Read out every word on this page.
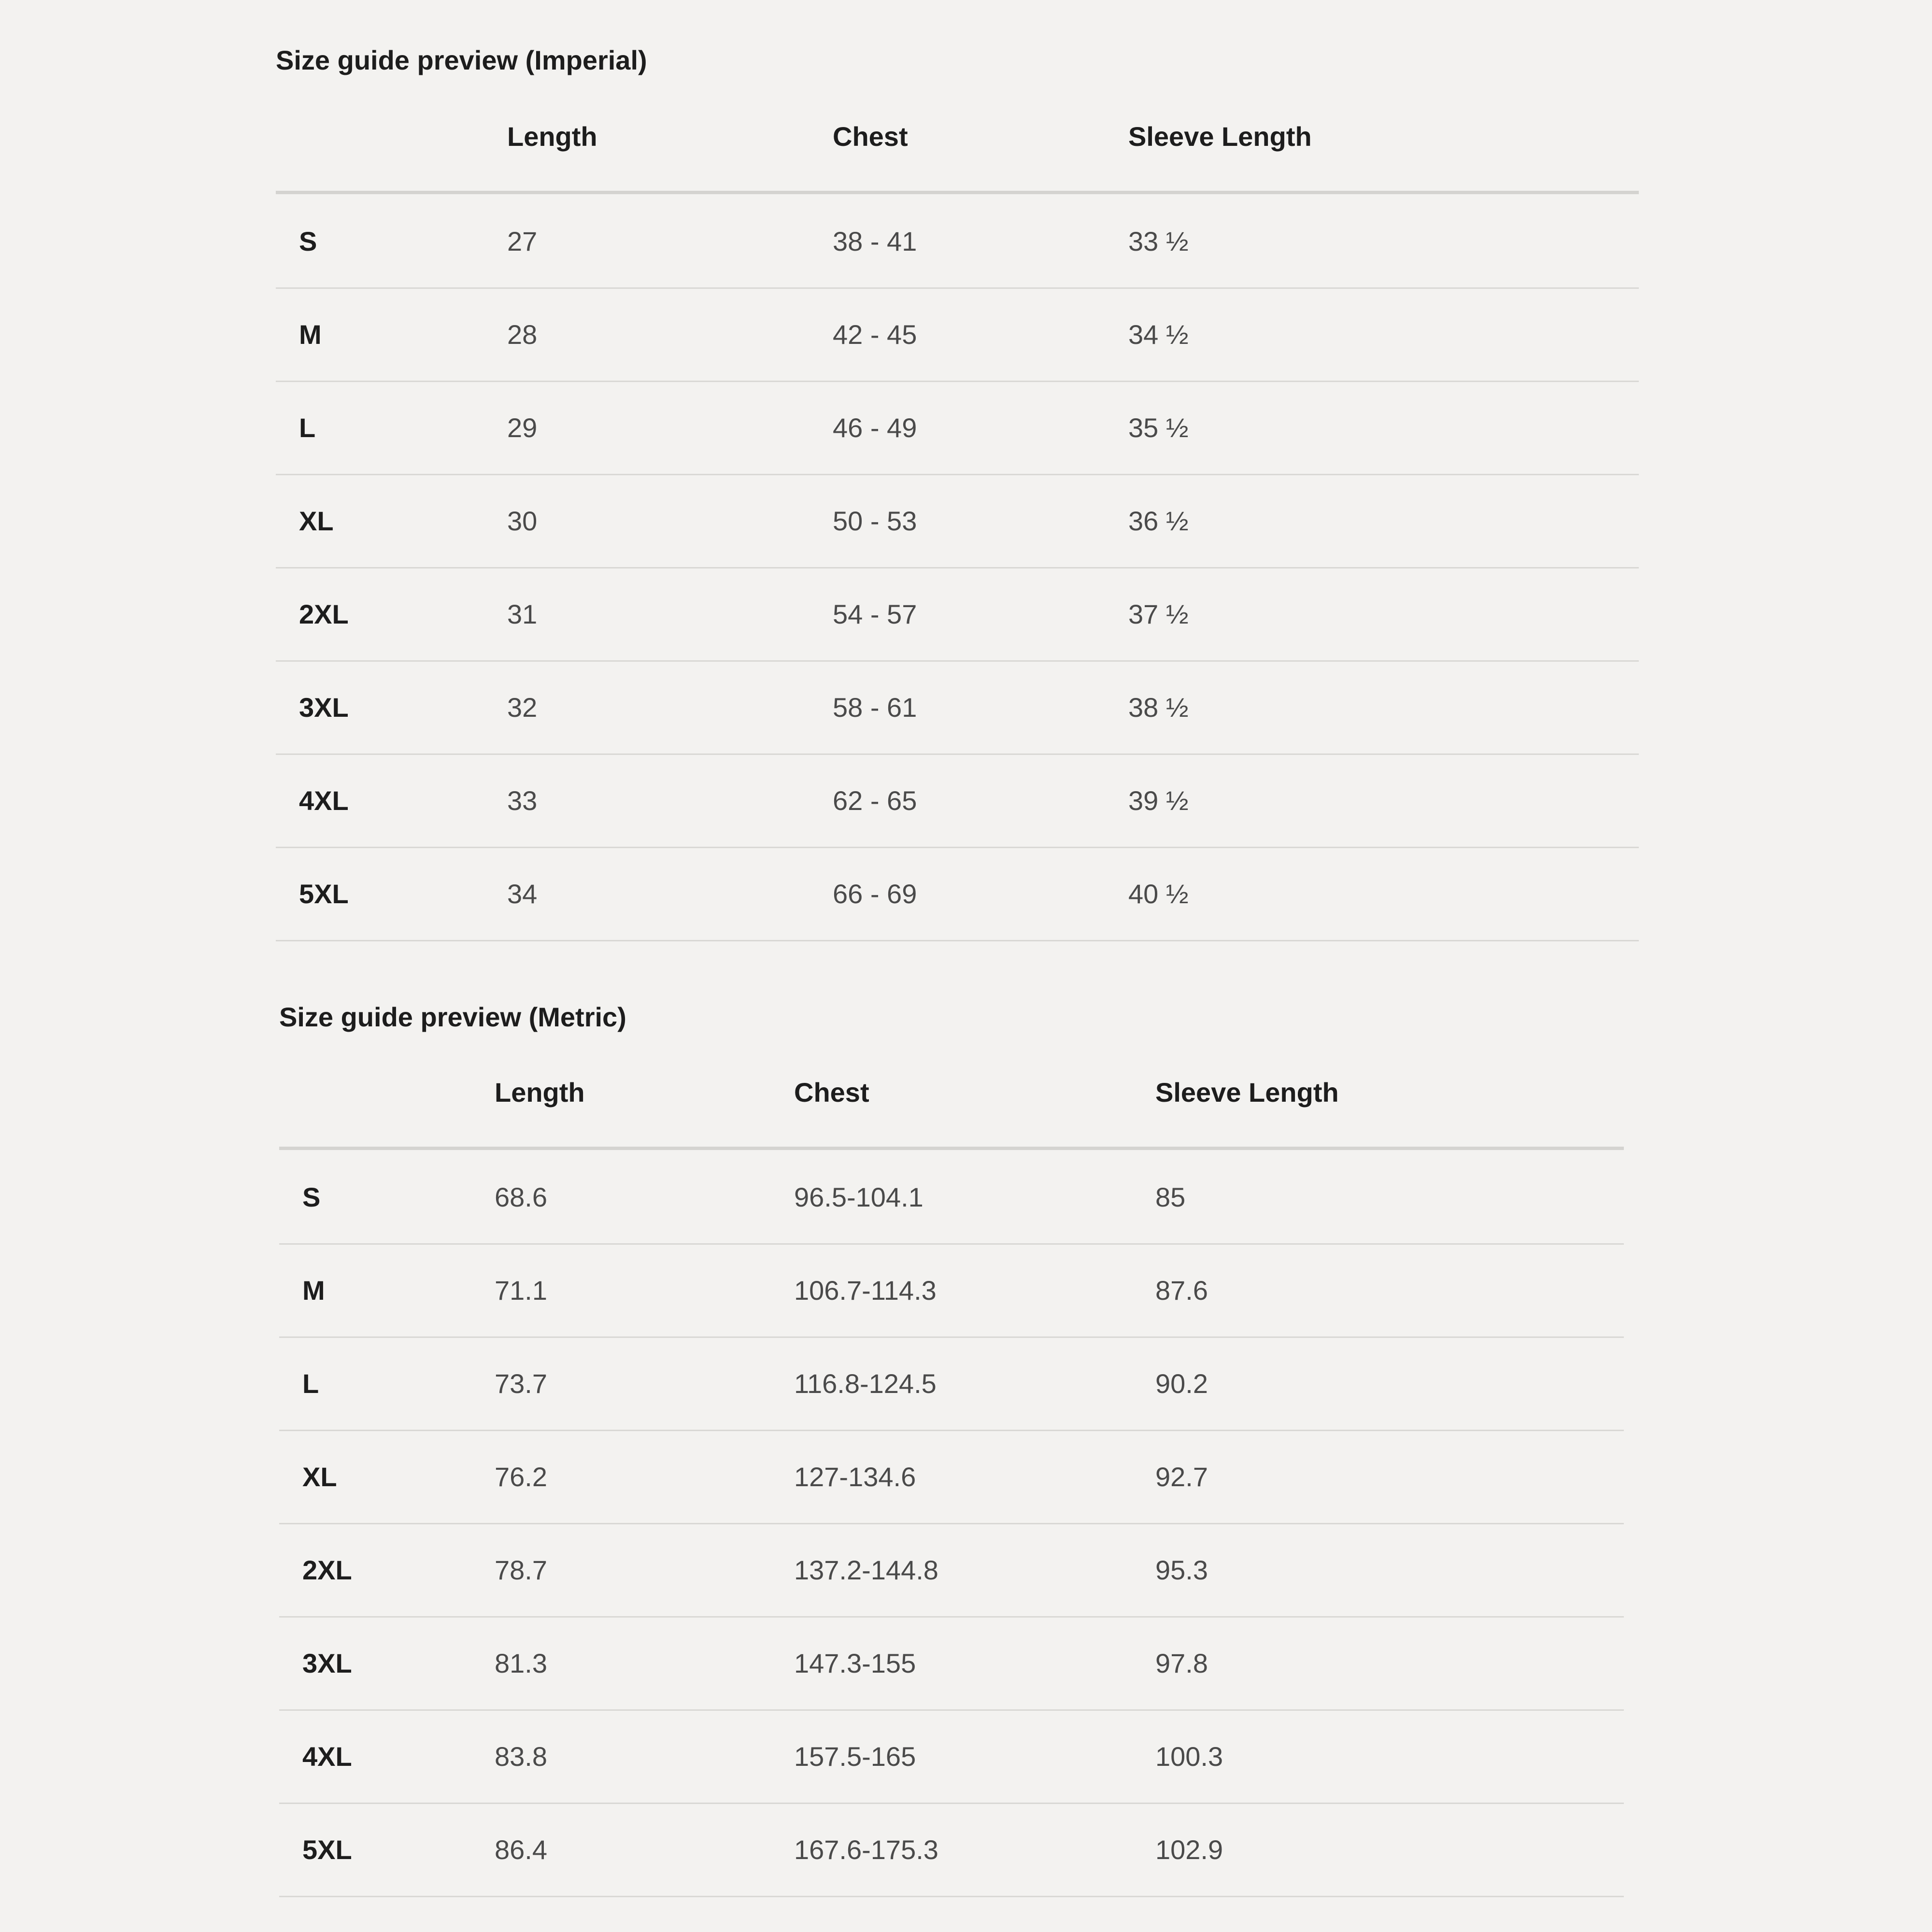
Size guide preview (Imperial)
Length	Chest	Sleeve Length
S	27	38 - 41	33 ½
M	28	42 - 45	34 ½
L	29	46 - 49	35 ½
XL	30	50 - 53	36 ½
2XL	31	54 - 57	37 ½
3XL	32	58 - 61	38 ½
4XL	33	62 - 65	39 ½
5XL	34	66 - 69	40 ½
Size guide preview (Metric)
Length	Chest	Sleeve Length
S	68.6	96.5-104.1	85
M	71.1	106.7-114.3	87.6
L	73.7	116.8-124.5	90.2
XL	76.2	127-134.6	92.7
2XL	78.7	137.2-144.8	95.3
3XL	81.3	147.3-155	97.8
4XL	83.8	157.5-165	100.3
5XL	86.4	167.6-175.3	102.9
